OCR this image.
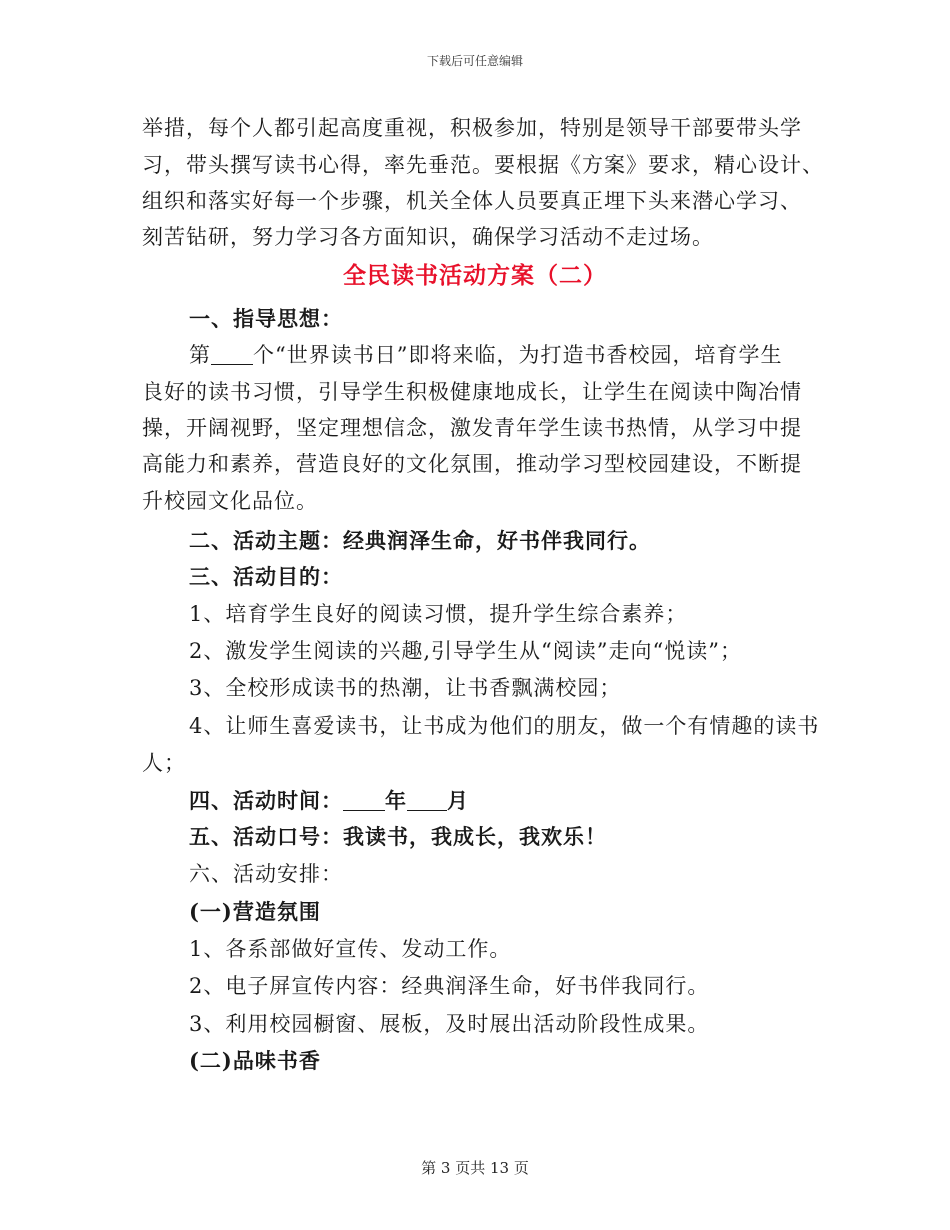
下载后可任意编辑
举措，每个人都引起高度重视，积极参加，特别是领导干部要带头学
习，带头撰写读书心得，率先垂范。要根据《方案》要求，精心设计、
组织和落实好每一个步骤，机关全体人员要真正埋下头来潜心学习、
刻苦钻研，努力学习各方面知识，确保学习活动不走过场。
全民读书活动方案（二）
一、指导思想：
第 个“世界读书日”即将来临，为打造书香校园，培育学生
良好的读书习惯，引导学生积极健康地成长，让学生在阅读中陶冶情
操，开阔视野，坚定理想信念，激发青年学生读书热情，从学习中提
高能力和素养，营造良好的文化氛围，推动学习型校园建设，不断提
升校园文化品位。
二、活动主题：经典润泽生命，好书伴我同行。
三、活动目的：
1、培育学生良好的阅读习惯，提升学生综合素养；
2、激发学生阅读的兴趣,引导学生从“阅读”走向“悦读”；
3、全校形成读书的热潮，让书香飘满校园；
4、让师生喜爱读书，让书成为他们的朋友，做一个有情趣的读书
人；
四、活动时间： 年 月
五、活动口号：我读书，我成长，我欢乐！
六、活动安排：
(一)营造氛围
1、各系部做好宣传、发动工作。
2、电子屏宣传内容：经典润泽生命，好书伴我同行。
3、利用校园橱窗、展板，及时展出活动阶段性成果。
(二)品味书香
第 3 页共 13 页
